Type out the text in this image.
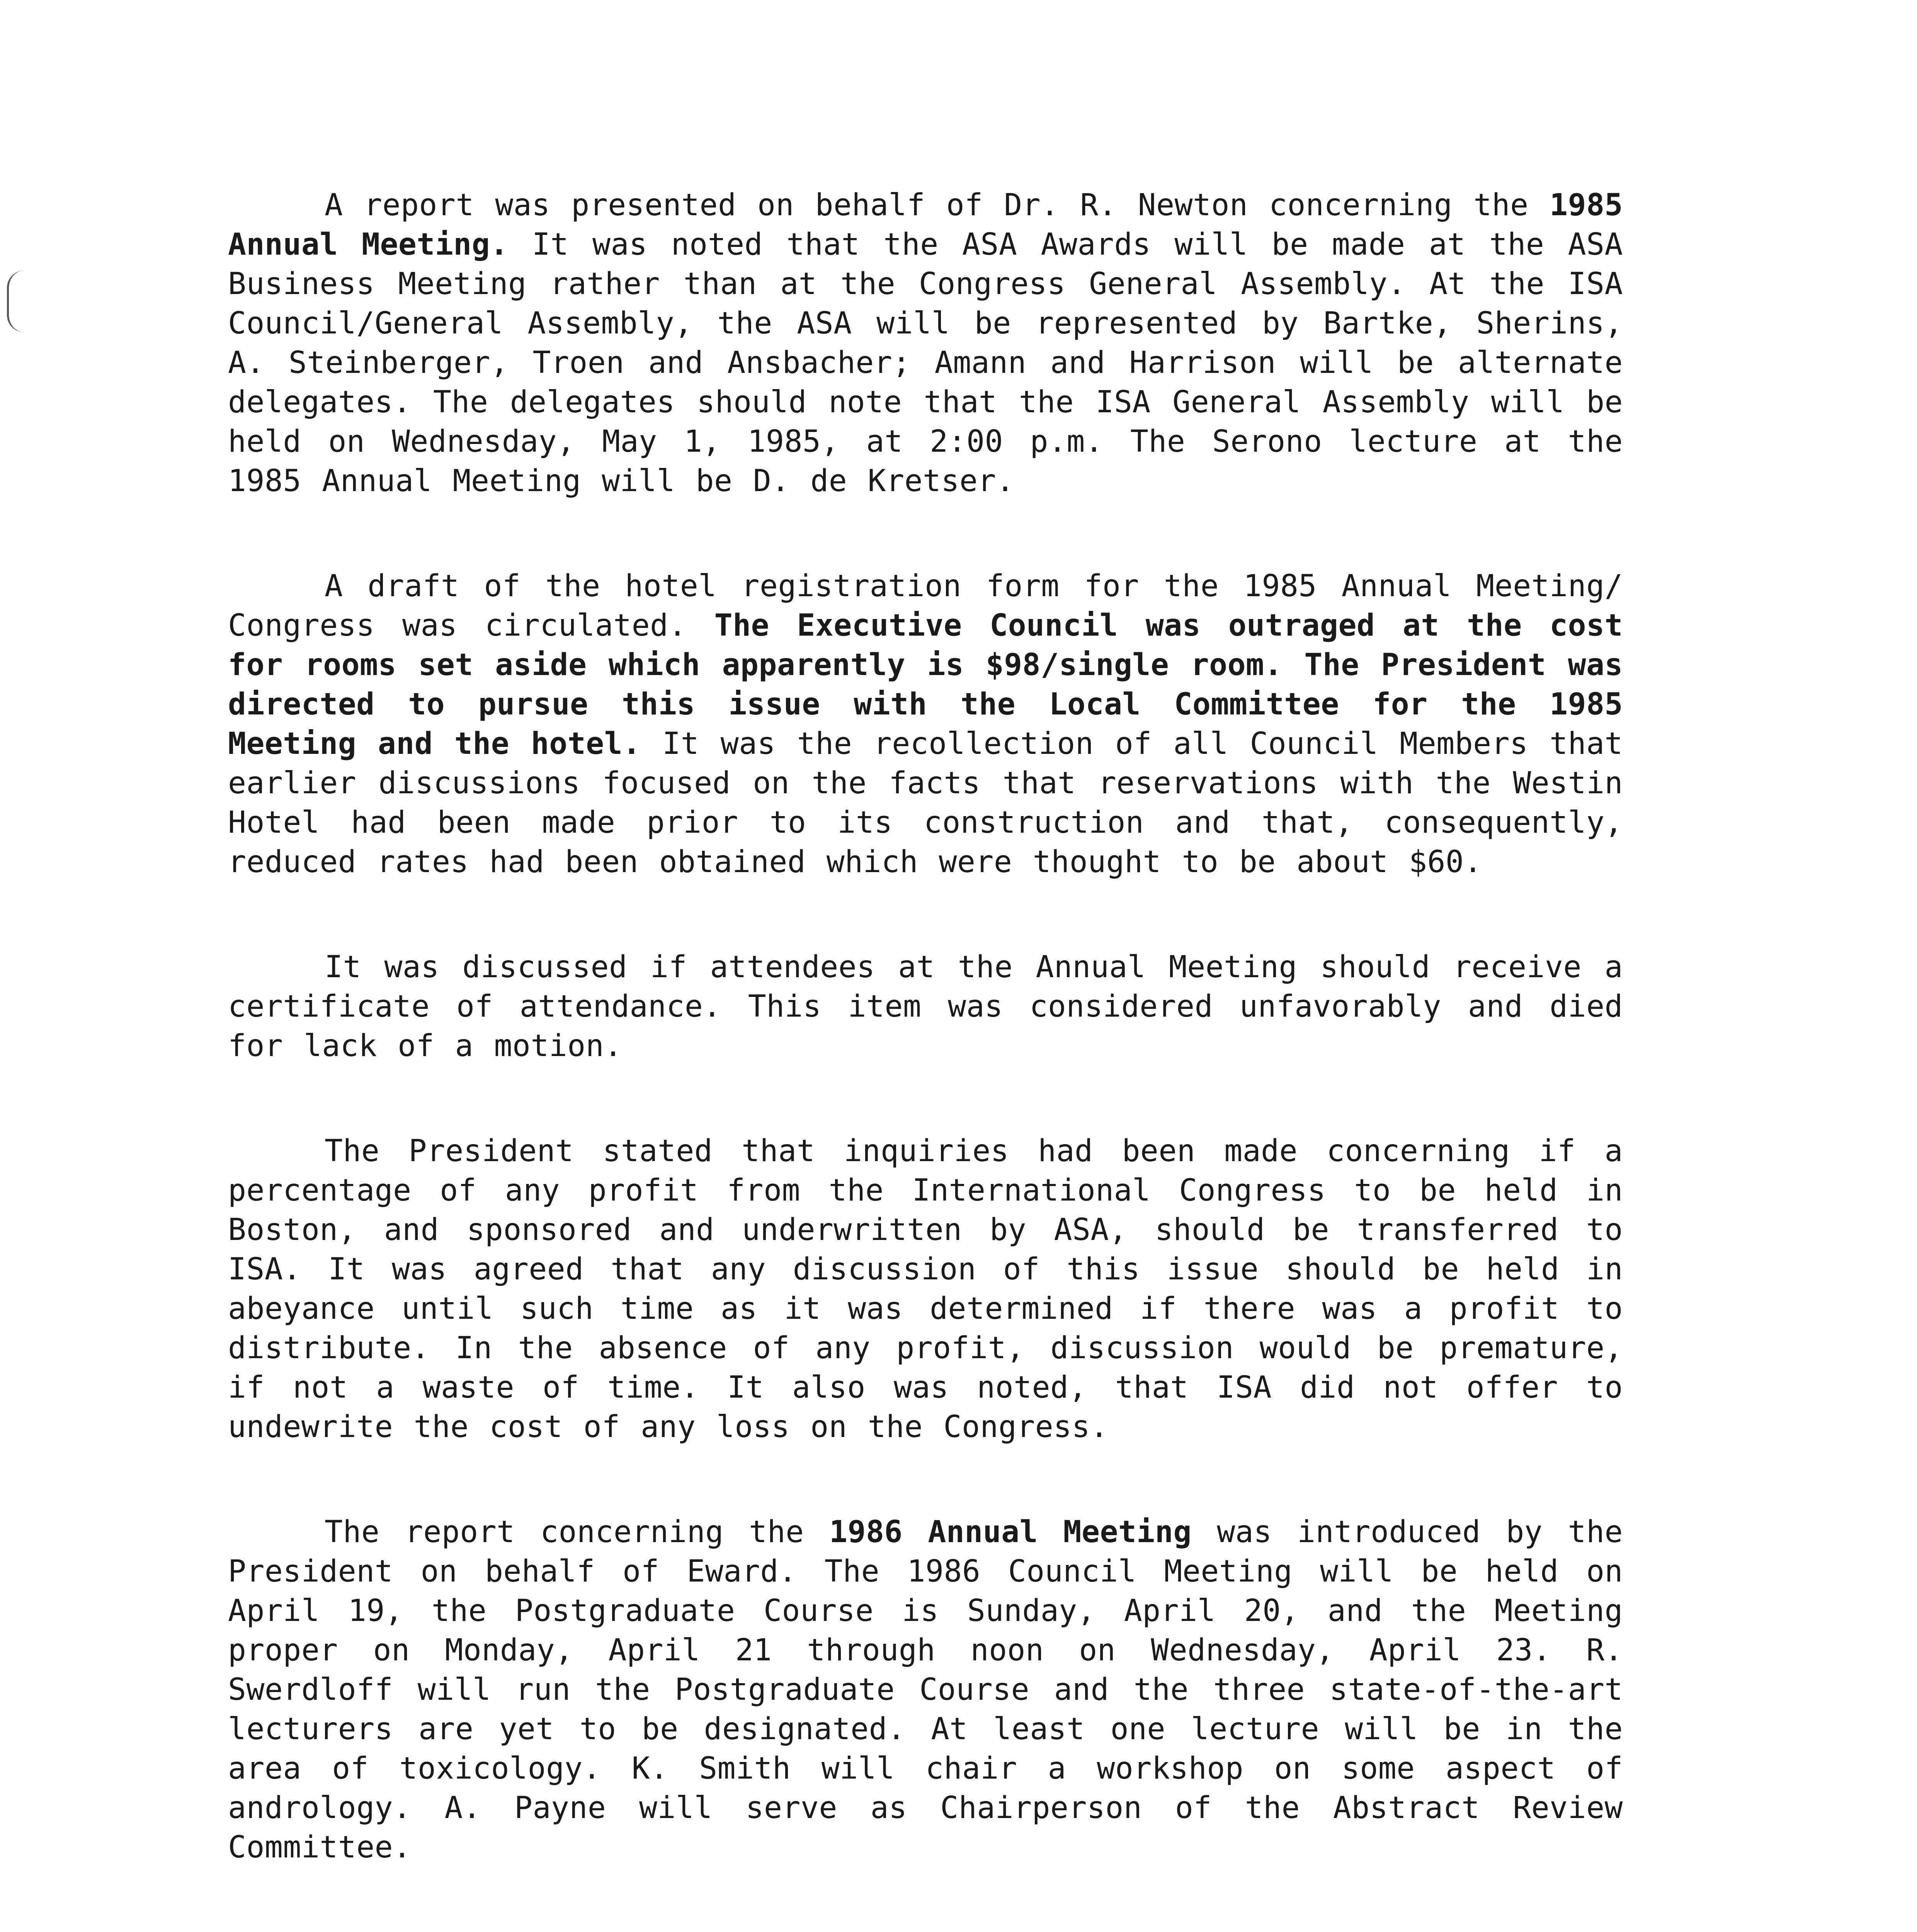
A report was presented on behalf of Dr. R. Newton concerning the 1985 Annual Meeting. It was noted that the ASA Awards will be made at the ASA Business Meeting rather than at the Congress General Assembly. At the ISA Council/General Assembly, the ASA will be represented by Bartke, Sherins, A. Steinberger, Troen and Ansbacher; Amann and Harrison will be alternate delegates. The delegates should note that the ISA General Assembly will be held on Wednesday, May 1, 1985, at 2:00 p.m. The Serono lecture at the 1985 Annual Meeting will be D. de Kretser.

A draft of the hotel registration form for the 1985 Annual Meeting/ Congress was circulated. The Executive Council was outraged at the cost for rooms set aside which apparently is $98/single room. The President was directed to pursue this issue with the Local Committee for the 1985 Meeting and the hotel. It was the recollection of all Council Members that earlier discussions focused on the facts that reservations with the Westin Hotel had been made prior to its construction and that, consequently, reduced rates had been obtained which were thought to be about $60.

It was discussed if attendees at the Annual Meeting should receive a certificate of attendance. This item was considered unfavorably and died for lack of a motion.

The President stated that inquiries had been made concerning if a percentage of any profit from the International Congress to be held in Boston, and sponsored and underwritten by ASA, should be transferred to ISA. It was agreed that any discussion of this issue should be held in abeyance until such time as it was determined if there was a profit to distribute. In the absence of any profit, discussion would be premature, if not a waste of time. It also was noted, that ISA did not offer to undewrite the cost of any loss on the Congress.

The report concerning the 1986 Annual Meeting was introduced by the President on behalf of Eward. The 1986 Council Meeting will be held on April 19, the Postgraduate Course is Sunday, April 20, and the Meeting proper on Monday, April 21 through noon on Wednesday, April 23. R. Swerdloff will run the Postgraduate Course and the three state-of-the-art lecturers are yet to be designated. At least one lecture will be in the area of toxicology. K. Smith will chair a workshop on some aspect of andrology. A. Payne will serve as Chairperson of the Abstract Review Committee.
